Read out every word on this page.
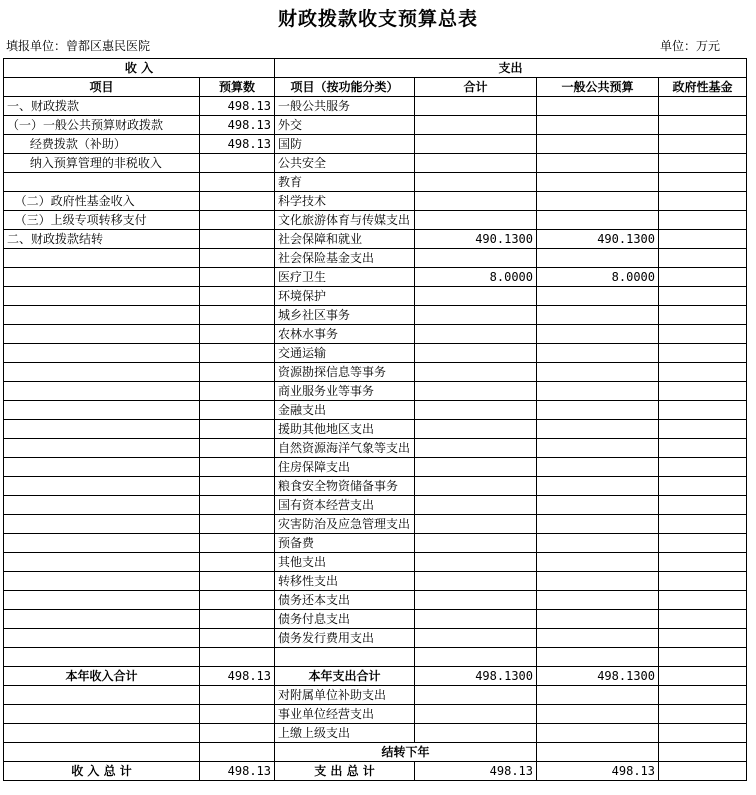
财政拨款收支预算总表
填报单位：曾都区惠民医院	单位：万元
收 入		支出			
项目	预算数	项目（按功能分类）	合计	一般公共预算	政府性基金
一、财政拨款	498.13	一般公共服务			
（一）一般公共预算财政拨款	498.13	外交			
经费拨款（补助）	498.13	国防			
纳入预算管理的非税收入		公共安全			
		教育			
（二）政府性基金收入		科学技术			
（三）上级专项转移支付		文化旅游体育与传媒支出			
二、财政拨款结转		社会保障和就业	490.1300	490.1300	
		社会保险基金支出			
		医疗卫生	8.0000	8.0000	
		环境保护			
		城乡社区事务			
		农林水事务			
		交通运输			
		资源勘探信息等事务			
		商业服务业等事务			
		金融支出			
		援助其他地区支出			
		自然资源海洋气象等支出			
		住房保障支出			
		粮食安全物资储备事务			
		国有资本经营支出			
		灾害防治及应急管理支出			
		预备费			
		其他支出			
		转移性支出			
		债务还本支出			
		债务付息支出			
		债务发行费用支出			

本年收入合计	498.13	本年支出合计	498.1300	498.1300	
		对附属单位补助支出			
		事业单位经营支出			
		上缴上级支出			
		结转下年			
收 入 总 计	498.13	支 出 总 计	498.13	498.13	
